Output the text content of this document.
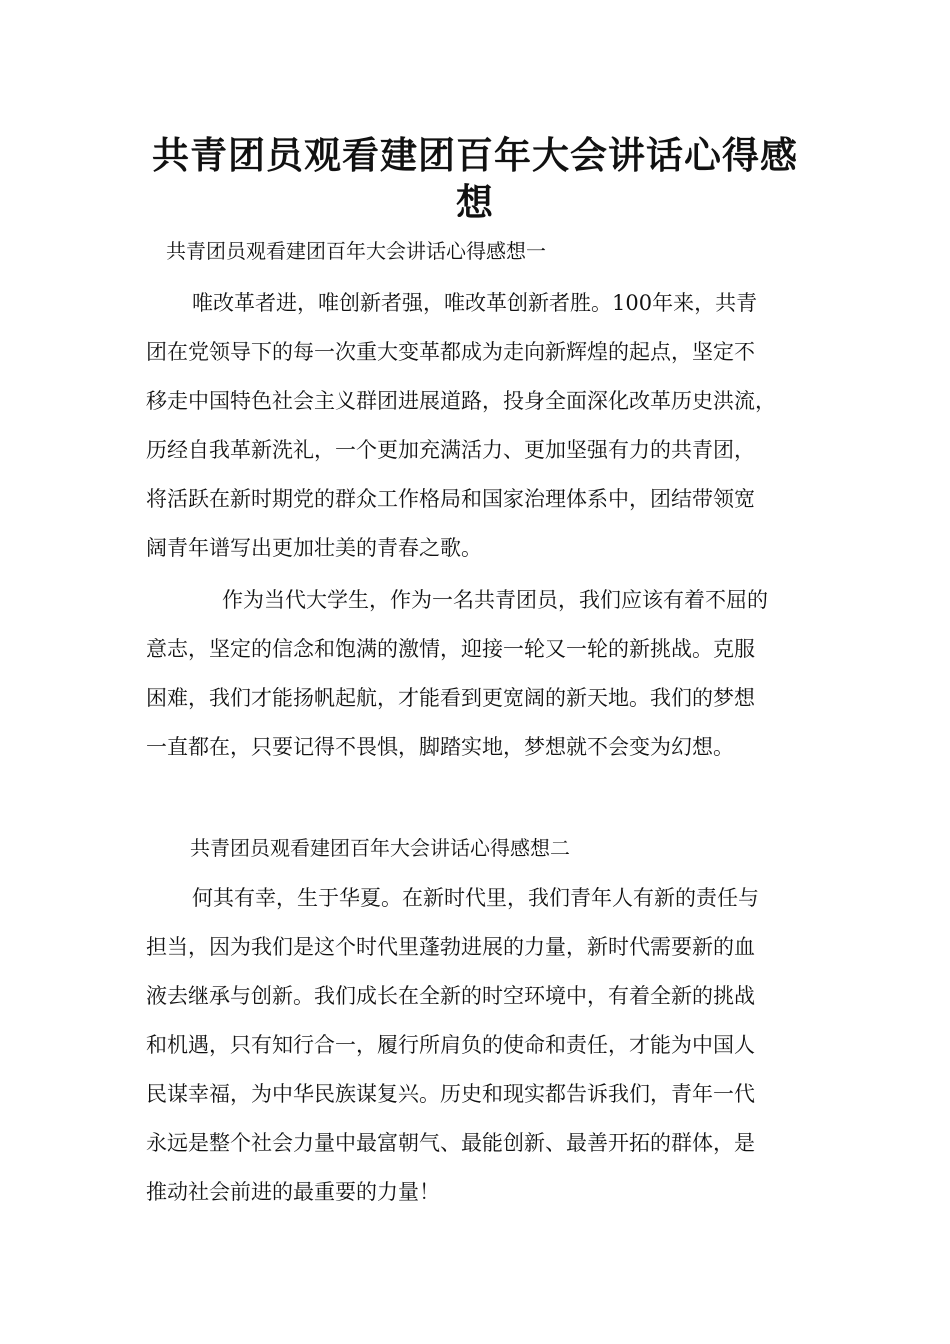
共青团员观看建团百年大会讲话心得感
想
共青团员观看建团百年大会讲话心得感想一
唯改革者进，唯创新者强，唯改革创新者胜。100年来，共青
团在党领导下的每一次重大变革都成为走向新辉煌的起点，坚定不
移走中国特色社会主义群团进展道路，投身全面深化改革历史洪流，
历经自我革新洗礼，一个更加充满活力、更加坚强有力的共青团，
将活跃在新时期党的群众工作格局和国家治理体系中，团结带领宽
阔青年谱写出更加壮美的青春之歌。
作为当代大学生，作为一名共青团员，我们应该有着不屈的
意志，坚定的信念和饱满的激情，迎接一轮又一轮的新挑战。克服
困难，我们才能扬帆起航，才能看到更宽阔的新天地。我们的梦想
一直都在，只要记得不畏惧，脚踏实地，梦想就不会变为幻想。
共青团员观看建团百年大会讲话心得感想二
何其有幸，生于华夏。在新时代里，我们青年人有新的责任与
担当，因为我们是这个时代里蓬勃进展的力量，新时代需要新的血
液去继承与创新。我们成长在全新的时空环境中，有着全新的挑战
和机遇，只有知行合一，履行所肩负的使命和责任，才能为中国人
民谋幸福，为中华民族谋复兴。历史和现实都告诉我们，青年一代
永远是整个社会力量中最富朝气、最能创新、最善开拓的群体，是
推动社会前进的最重要的力量！
